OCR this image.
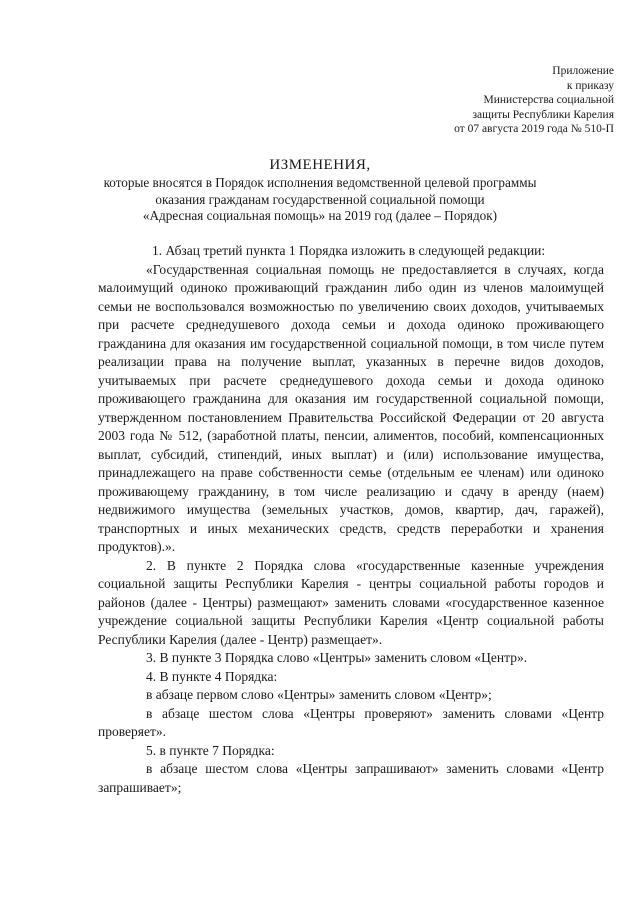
Приложение
к приказу
Министерства социальной
защиты Республики Карелия
от 07 августа 2019 года № 510-П
ИЗМЕНЕНИЯ,
которые вносятся в Порядок исполнения ведомственной целевой программы
оказания гражданам государственной социальной помощи
«Адресная социальная помощь» на 2019 год (далее – Порядок)

1. Абзац третий пункта 1 Порядка изложить в следующей редакции:

«Государственная социальная помощь не предоставляется в случаях, когда малоимущий одиноко проживающий гражданин либо один из членов малоимущей семьи не воспользовался возможностью по увеличению своих доходов, учитываемых при расчете среднедушевого дохода семьи и дохода одиноко проживающего гражданина для оказания им государственной социальной помощи, в том числе путем реализации права на получение выплат, указанных в перечне видов доходов, учитываемых при расчете среднедушевого дохода семьи и дохода одиноко проживающего гражданина для оказания им государственной социальной помощи, утвержденном постановлением Правительства Российской Федерации от 20 августа 2003 года № 512, (заработной платы, пенсии, алиментов, пособий, компенсационных выплат, субсидий, стипендий, иных выплат) и (или) использование имущества, принадлежащего на праве собственности семье (отдельным ее членам) или одиноко проживающему гражданину, в том числе реализацию и сдачу в аренду (наем) недвижимого имущества (земельных участков, домов, квартир, дач, гаражей), транспортных и иных механических средств, средств переработки и хранения продуктов).».

2. В пункте 2 Порядка слова «государственные казенные учреждения социальной защиты Республики Карелия - центры социальной работы городов и районов (далее - Центры) размещают» заменить словами «государственное казенное учреждение социальной защиты Республики Карелия «Центр социальной работы Республики Карелия (далее - Центр) размещает».

3. В пункте 3 Порядка слово «Центры» заменить словом «Центр».

4. В пункте 4 Порядка:

в абзаце первом слово «Центры» заменить словом «Центр»;

в абзаце шестом слова «Центры проверяют» заменить словами «Центр проверяет».

5. в пункте 7 Порядка:

в абзаце шестом слова «Центры запрашивают» заменить словами «Центр запрашивает»;
